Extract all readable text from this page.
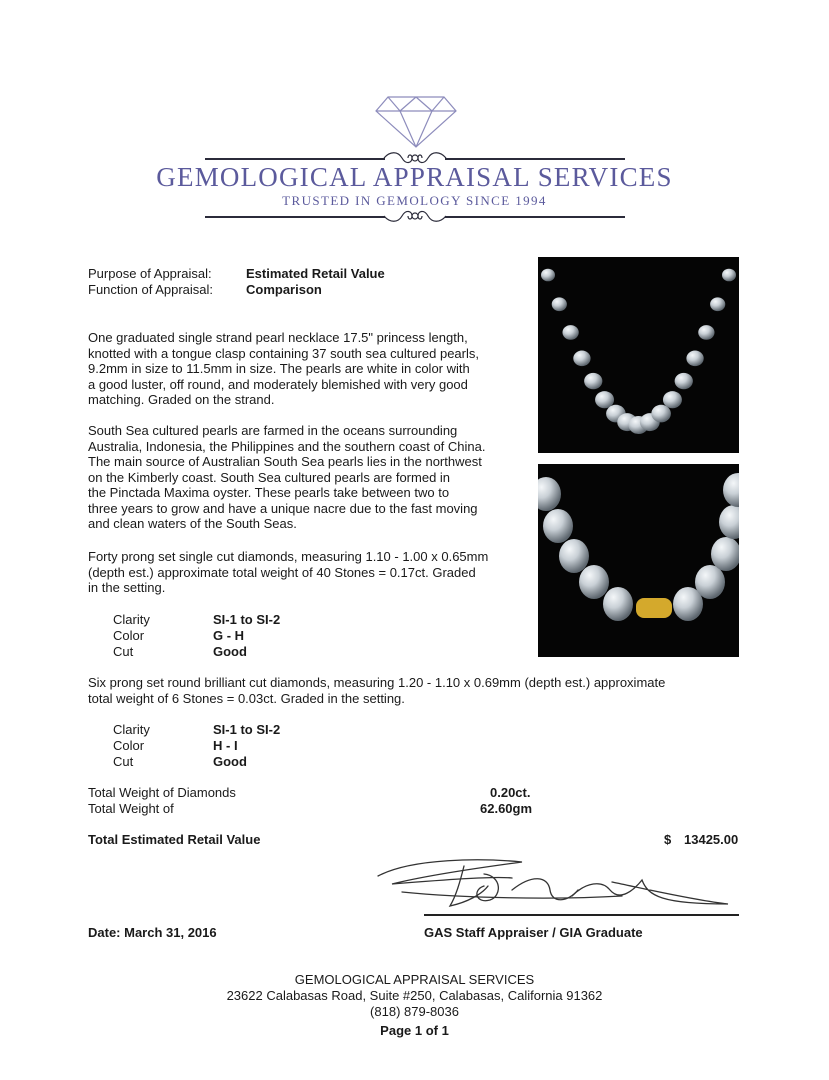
GEMOLOGICAL APPRAISAL SERVICES
TRUSTED IN GEMOLOGY SINCE 1994
Purpose of Appraisal:	Estimated Retail Value
Function of Appraisal:	Comparison
One graduated single strand pearl necklace 17.5" princess length,
knotted with a tongue clasp containing 37 south sea cultured pearls,
9.2mm in size to 11.5mm in size. The pearls are white in color with
a good luster, off round, and moderately blemished with very good
matching. Graded on the strand.
South Sea cultured pearls are farmed in the oceans surrounding
Australia, Indonesia, the Philippines and the southern coast of China.
The main source of Australian South Sea pearls lies in the northwest
on the Kimberly coast. South Sea cultured pearls are formed in
the Pinctada Maxima oyster. These pearls take between two to
three years to grow and have a unique nacre due to the fast moving
and clean waters of the South Seas.
Forty prong set single cut diamonds, measuring 1.10 - 1.00 x 0.65mm
(depth est.) approximate total weight of 40 Stones = 0.17ct. Graded
in the setting.
Clarity	SI-1 to SI-2
Color	G - H
Cut	Good
Six prong set round brilliant cut diamonds, measuring 1.20 - 1.10 x 0.69mm (depth est.) approximate
total weight of 6 Stones = 0.03ct. Graded in the setting.
Clarity	SI-1 to SI-2
Color	H - I
Cut	Good
Total Weight of Diamonds	0.20ct.
Total Weight of	62.60gm
Total Estimated Retail Value	$ 13425.00
Date: March 31, 2016	GAS Staff Appraiser / GIA Graduate
GEMOLOGICAL APPRAISAL SERVICES
23622 Calabasas Road, Suite #250, Calabasas, California 91362
(818) 879-8036
Page 1 of 1
